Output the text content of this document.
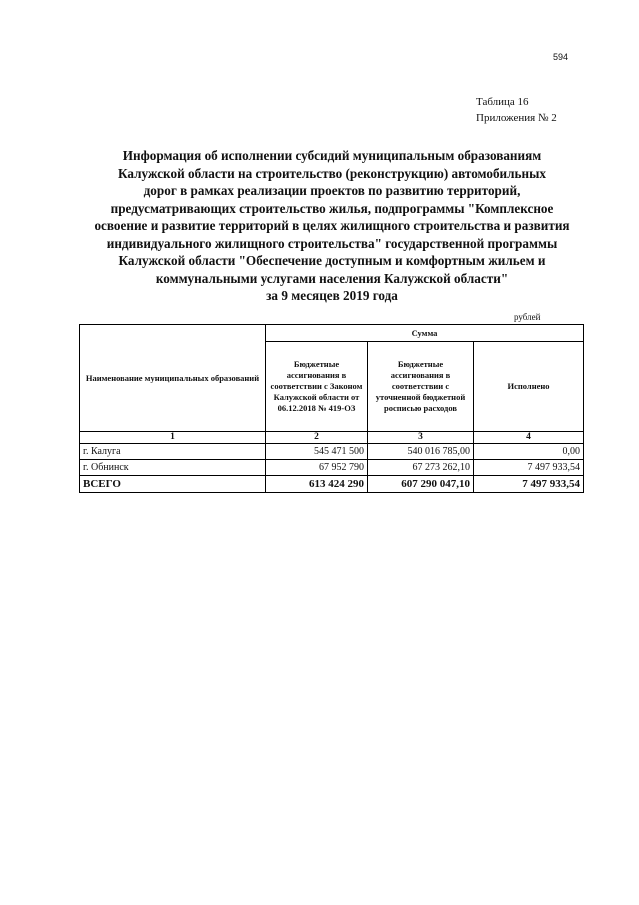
594
Таблица 16
Приложения № 2
Информация об исполнении субсидий муниципальным образованиям
Калужской области на строительство (реконструкцию) автомобильных
дорог в рамках реализации проектов по развитию территорий,
предусматривающих строительство жилья, подпрограммы "Комплексное
освоение и развитие территорий в целях жилищного строительства и развития
индивидуального жилищного строительства" государственной программы
Калужской области "Обеспечение доступным и комфортным жильем и
коммунальными услугами населения Калужской области"
за 9 месяцев 2019 года
рублей
Наименование муниципальных образований	Сумма		
	Бюджетные ассигнования в соответствии с Законом Калужской области от 06.12.2018 № 419-ОЗ	Бюджетные ассигнования в соответствии с уточненной бюджетной росписью расходов	Исполнено
1	2	3	4
г. Калуга	545 471 500	540 016 785,00	0,00
г. Обнинск	67 952 790	67 273 262,10	7 497 933,54
ВСЕГО	613 424 290	607 290 047,10	7 497 933,54
